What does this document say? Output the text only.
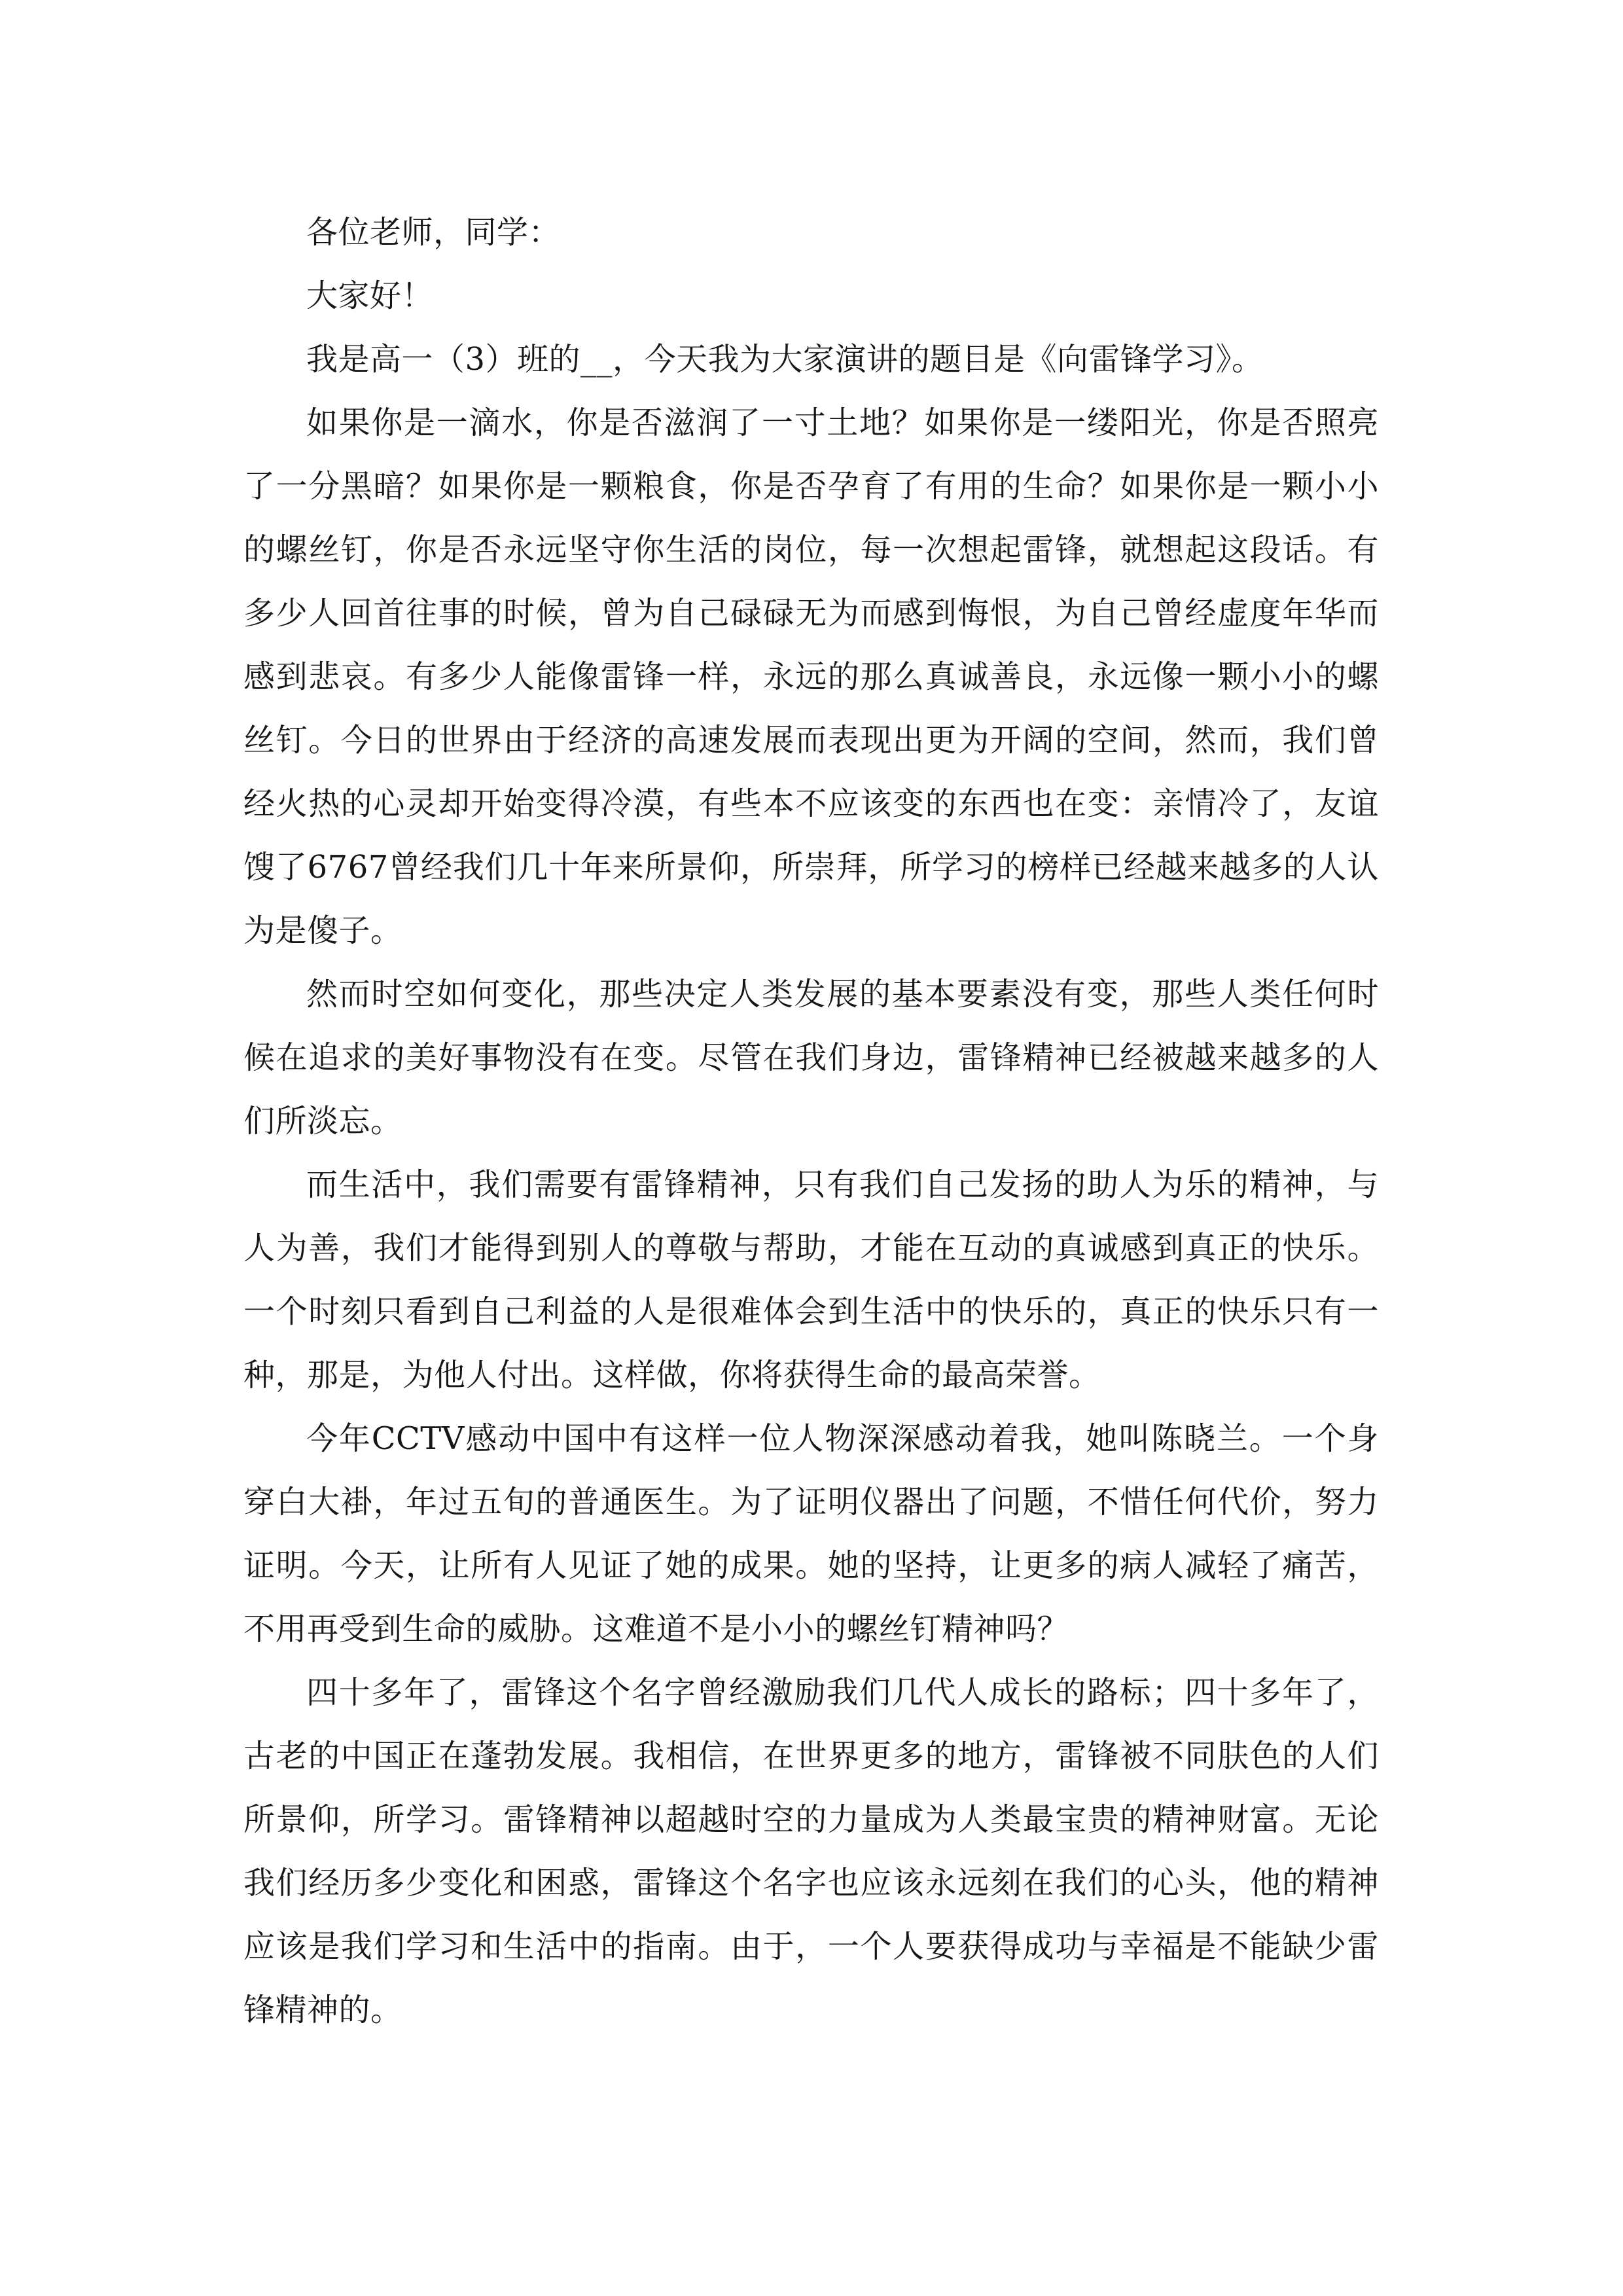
各位老师，同学：

大家好！

我是高一（3）班的__，今天我为大家演讲的题目是《向雷锋学习》。

如果你是一滴水，你是否滋润了一寸土地？如果你是一缕阳光，你是否照亮了一分黑暗？如果你是一颗粮食，你是否孕育了有用的生命？如果你是一颗小小的螺丝钉，你是否永远坚守你生活的岗位，每一次想起雷锋，就想起这段话。有多少人回首往事的时候，曾为自己碌碌无为而感到悔恨，为自己曾经虚度年华而感到悲哀。有多少人能像雷锋一样，永远的那么真诚善良，永远像一颗小小的螺丝钉。今日的世界由于经济的高速发展而表现出更为开阔的空间，然而，我们曾经火热的心灵却开始变得冷漠，有些本不应该变的东西也在变：亲情冷了，友谊馊了6767曾经我们几十年来所景仰，所崇拜，所学习的榜样已经越来越多的人认为是傻子。

然而时空如何变化，那些决定人类发展的基本要素没有变，那些人类任何时候在追求的美好事物没有在变。尽管在我们身边，雷锋精神已经被越来越多的人们所淡忘。

而生活中，我们需要有雷锋精神，只有我们自己发扬的助人为乐的精神，与人为善，我们才能得到别人的尊敬与帮助，才能在互动的真诚感到真正的快乐。一个时刻只看到自己利益的人是很难体会到生活中的快乐的，真正的快乐只有一种，那是，为他人付出。这样做，你将获得生命的最高荣誉。

今年CCTV感动中国中有这样一位人物深深感动着我，她叫陈晓兰。一个身穿白大褂，年过五旬的普通医生。为了证明仪器出了问题，不惜任何代价，努力证明。今天，让所有人见证了她的成果。她的坚持，让更多的病人减轻了痛苦，不用再受到生命的威胁。这难道不是小小的螺丝钉精神吗？

四十多年了，雷锋这个名字曾经激励我们几代人成长的路标；四十多年了，古老的中国正在蓬勃发展。我相信，在世界更多的地方，雷锋被不同肤色的人们所景仰，所学习。雷锋精神以超越时空的力量成为人类最宝贵的精神财富。无论我们经历多少变化和困惑，雷锋这个名字也应该永远刻在我们的心头，他的精神应该是我们学习和生活中的指南。由于，一个人要获得成功与幸福是不能缺少雷锋精神的。
